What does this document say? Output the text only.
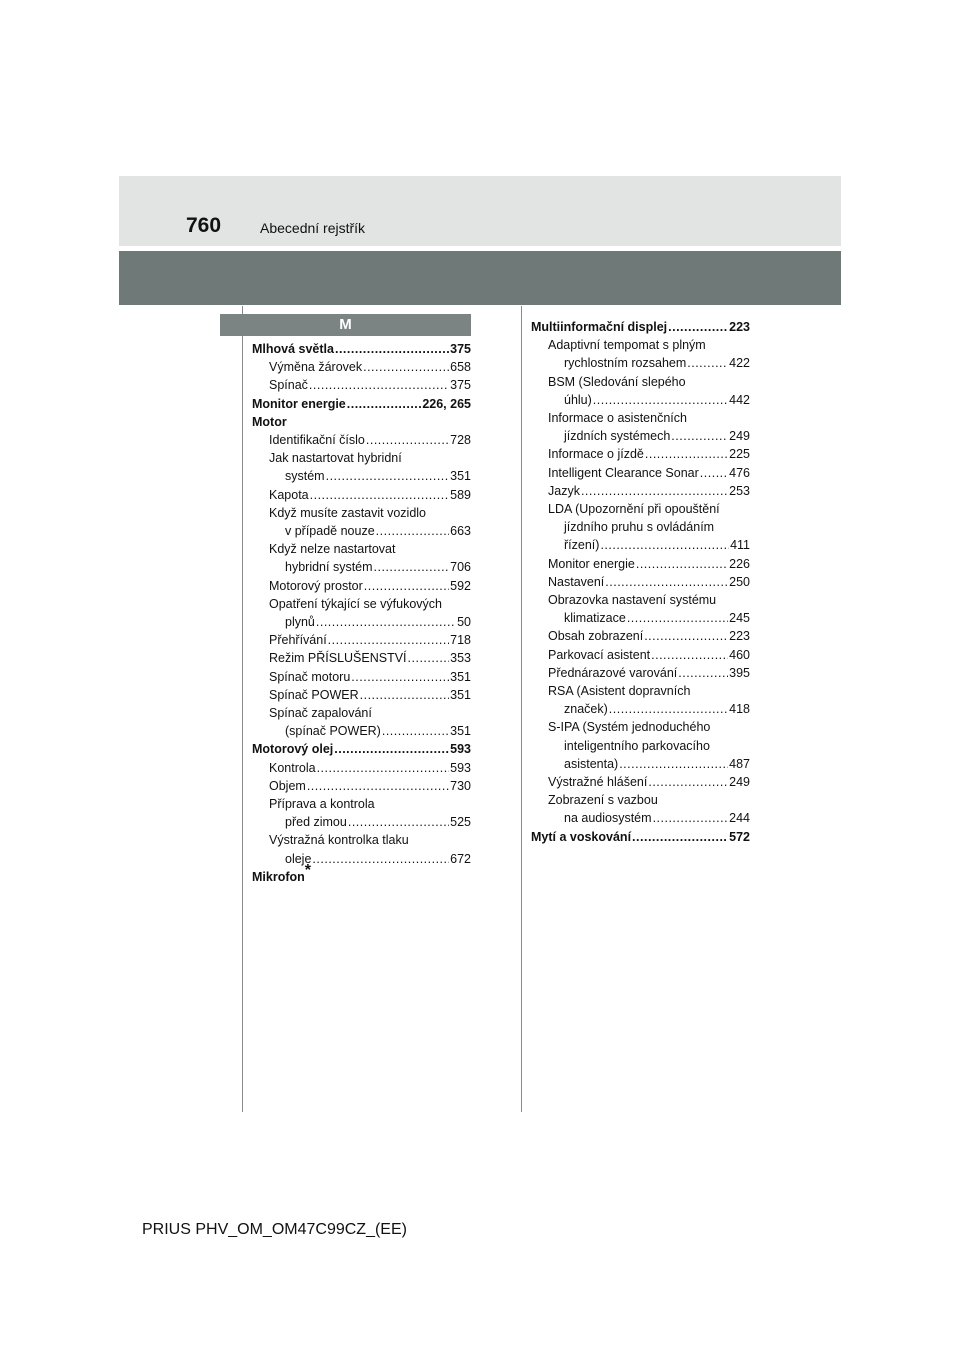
760	Abecední rejstřík
M
Mlhová světla .....	375
Výměna žárovek .....	658
Spínač .....	375
Monitor energie .....	226, 265
Motor
Identifikační číslo .....	728
Jak nastartovat hybridní
systém .....	351
Kapota .....	589
Když musíte zastavit vozidlo
v případě nouze .....	663
Když nelze nastartovat
hybridní systém .....	706
Motorový prostor .....	592
Opatření týkající se výfukových
plynů .....	50
Přehřívání .....	718
Režim PŘÍSLUŠENSTVÍ .....	353
Spínač motoru .....	351
Spínač POWER .....	351
Spínač zapalování
(spínač POWER) .....	351
Motorový olej .....	593
Kontrola .....	593
Objem .....	730
Příprava a kontrola
před zimou .....	525
Výstražná kontrolka tlaku
oleje .....	672
Mikrofon*
Multiinformační displej .....	223
Adaptivní tempomat s plným
rychlostním rozsahem .....	422
BSM (Sledování slepého
úhlu) .....	442
Informace o asistenčních
jízdních systémech .....	249
Informace o jízdě .....	225
Intelligent Clearance Sonar ..... 476
Jazyk .....	253
LDA (Upozornění při opouštění
jízdního pruhu s ovládáním
řízení) .....	411
Monitor energie .....	226
Nastavení .....	250
Obrazovka nastavení systému
klimatizace .....	245
Obsah zobrazení .....	223
Parkovací asistent .....	460
Přednárazové varování .....	395
RSA (Asistent dopravních
značek) .....	418
S-IPA (Systém jednoduchého
inteligentního parkovacího
asistenta) .....	487
Výstražné hlášení .....	249
Zobrazení s vazbou
na audiosystém .....	244
Mytí a voskování .....	572
PRIUS PHV_OM_OM47C99CZ_(EE)
